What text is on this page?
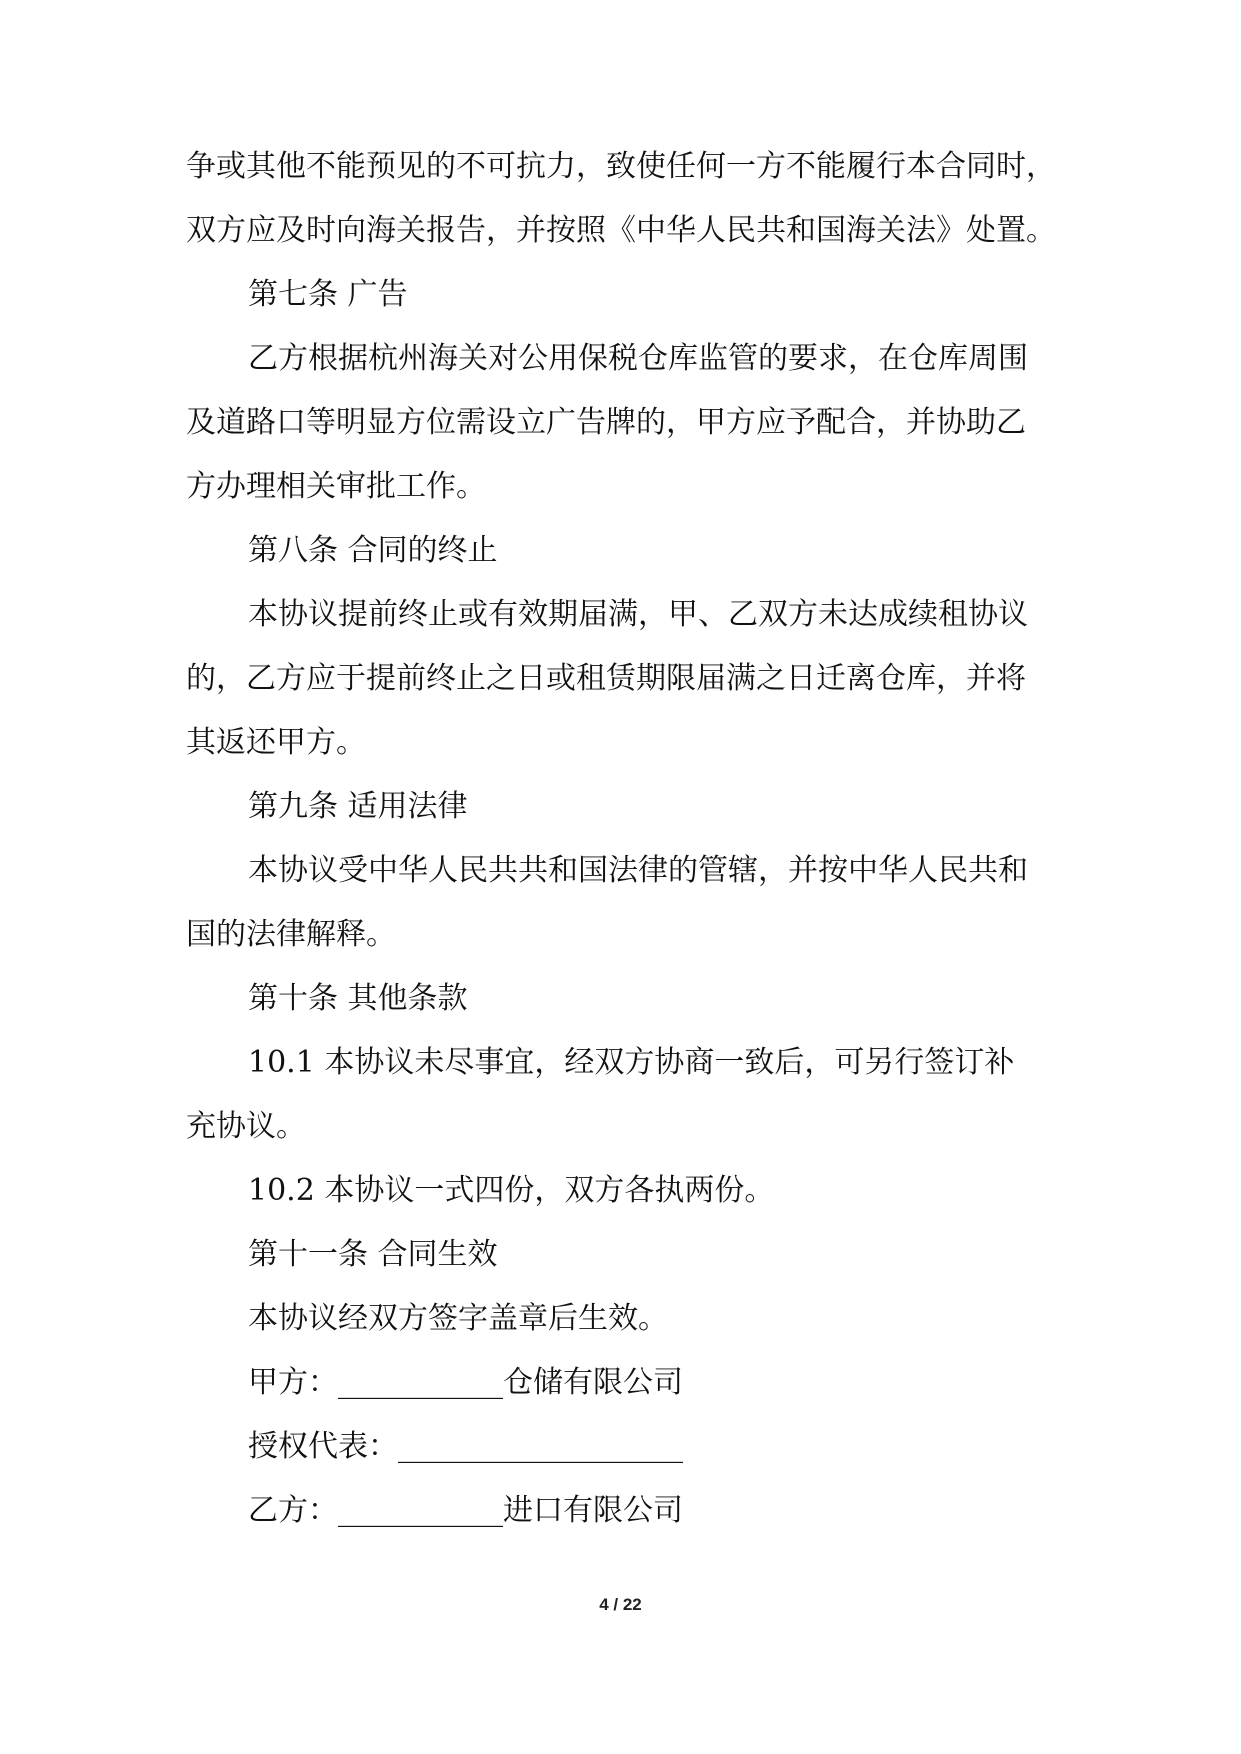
争或其他不能预见的不可抗力，致使任何一方不能履行本合同时，
双方应及时向海关报告，并按照《中华人民共和国海关法》处置。
第七条 广告
乙方根据杭州海关对公用保税仓库监管的要求，在仓库周围
及道路口等明显方位需设立广告牌的，甲方应予配合，并协助乙
方办理相关审批工作。
第八条 合同的终止
本协议提前终止或有效期届满，甲、乙双方未达成续租协议
的，乙方应于提前终止之日或租赁期限届满之日迁离仓库，并将
其返还甲方。
第九条 适用法律
本协议受中华人民共共和国法律的管辖，并按中华人民共和
国的法律解释。
第十条 其他条款
10.1 本协议未尽事宜，经双方协商一致后，可另行签订补
充协议。
10.2 本协议一式四份，双方各执两份。
第十一条 合同生效
本协议经双方签字盖章后生效。
甲方：___________仓储有限公司
授权代表：___________________
乙方：___________进口有限公司
4 / 22
